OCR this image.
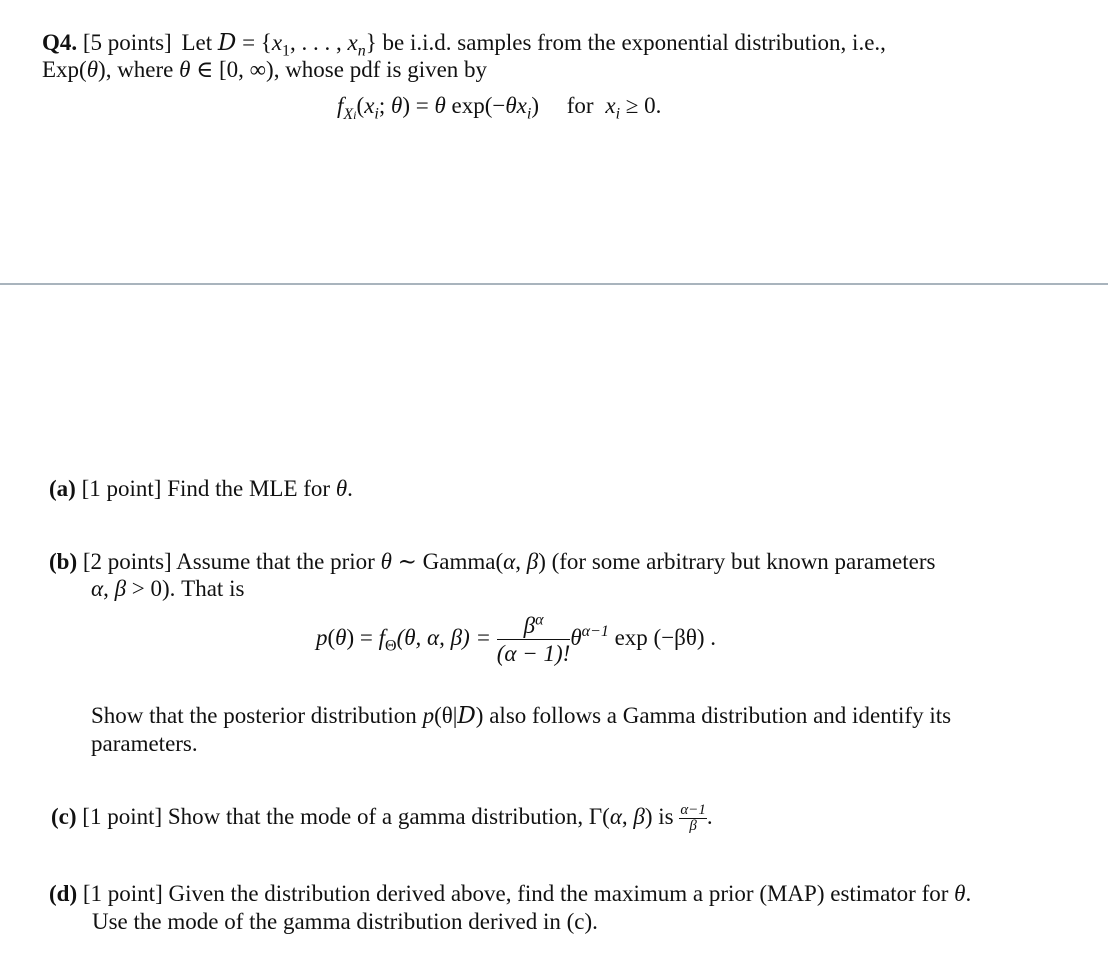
Q4. [5 points] Let $D = \{x_1$, . . . , $x_n$} be i.i.d. samples from the exponential distribution, i.e.,
Exp(θ), where θ ∈ [0, ∞), whose pdf is given by
$f_{Xi}(x_i$; θ) = θ $\exp(-\theta x_i)$ for $x_i \ge 0$.
(a) [1 point] Find the MLE for θ.
(b) [2 points] Assume that the prior θ ∼ Gamma(α, β) (for some arbitrary but known parameters
α, β > 0). That is
$p(\theta) = f_\Theta(\theta$, α, $\beta) = \frac{\beta^\alpha}{(\alpha - 1)!} \theta^{\alpha-1}$ exp (−βθ) .
Show that the posterior distribution p(θ|D) also follows a Gamma distribution and identify its
parameters.
(c) [1 point] Show that the mode of a gamma distribution, Γ(α, β) is $\frac{\alpha-1}{\beta}$ .
(d) [1 point] Given the distribution derived above, find the maximum a prior (MAP) estimator for θ.
Use the mode of the gamma distribution derived in (c).
